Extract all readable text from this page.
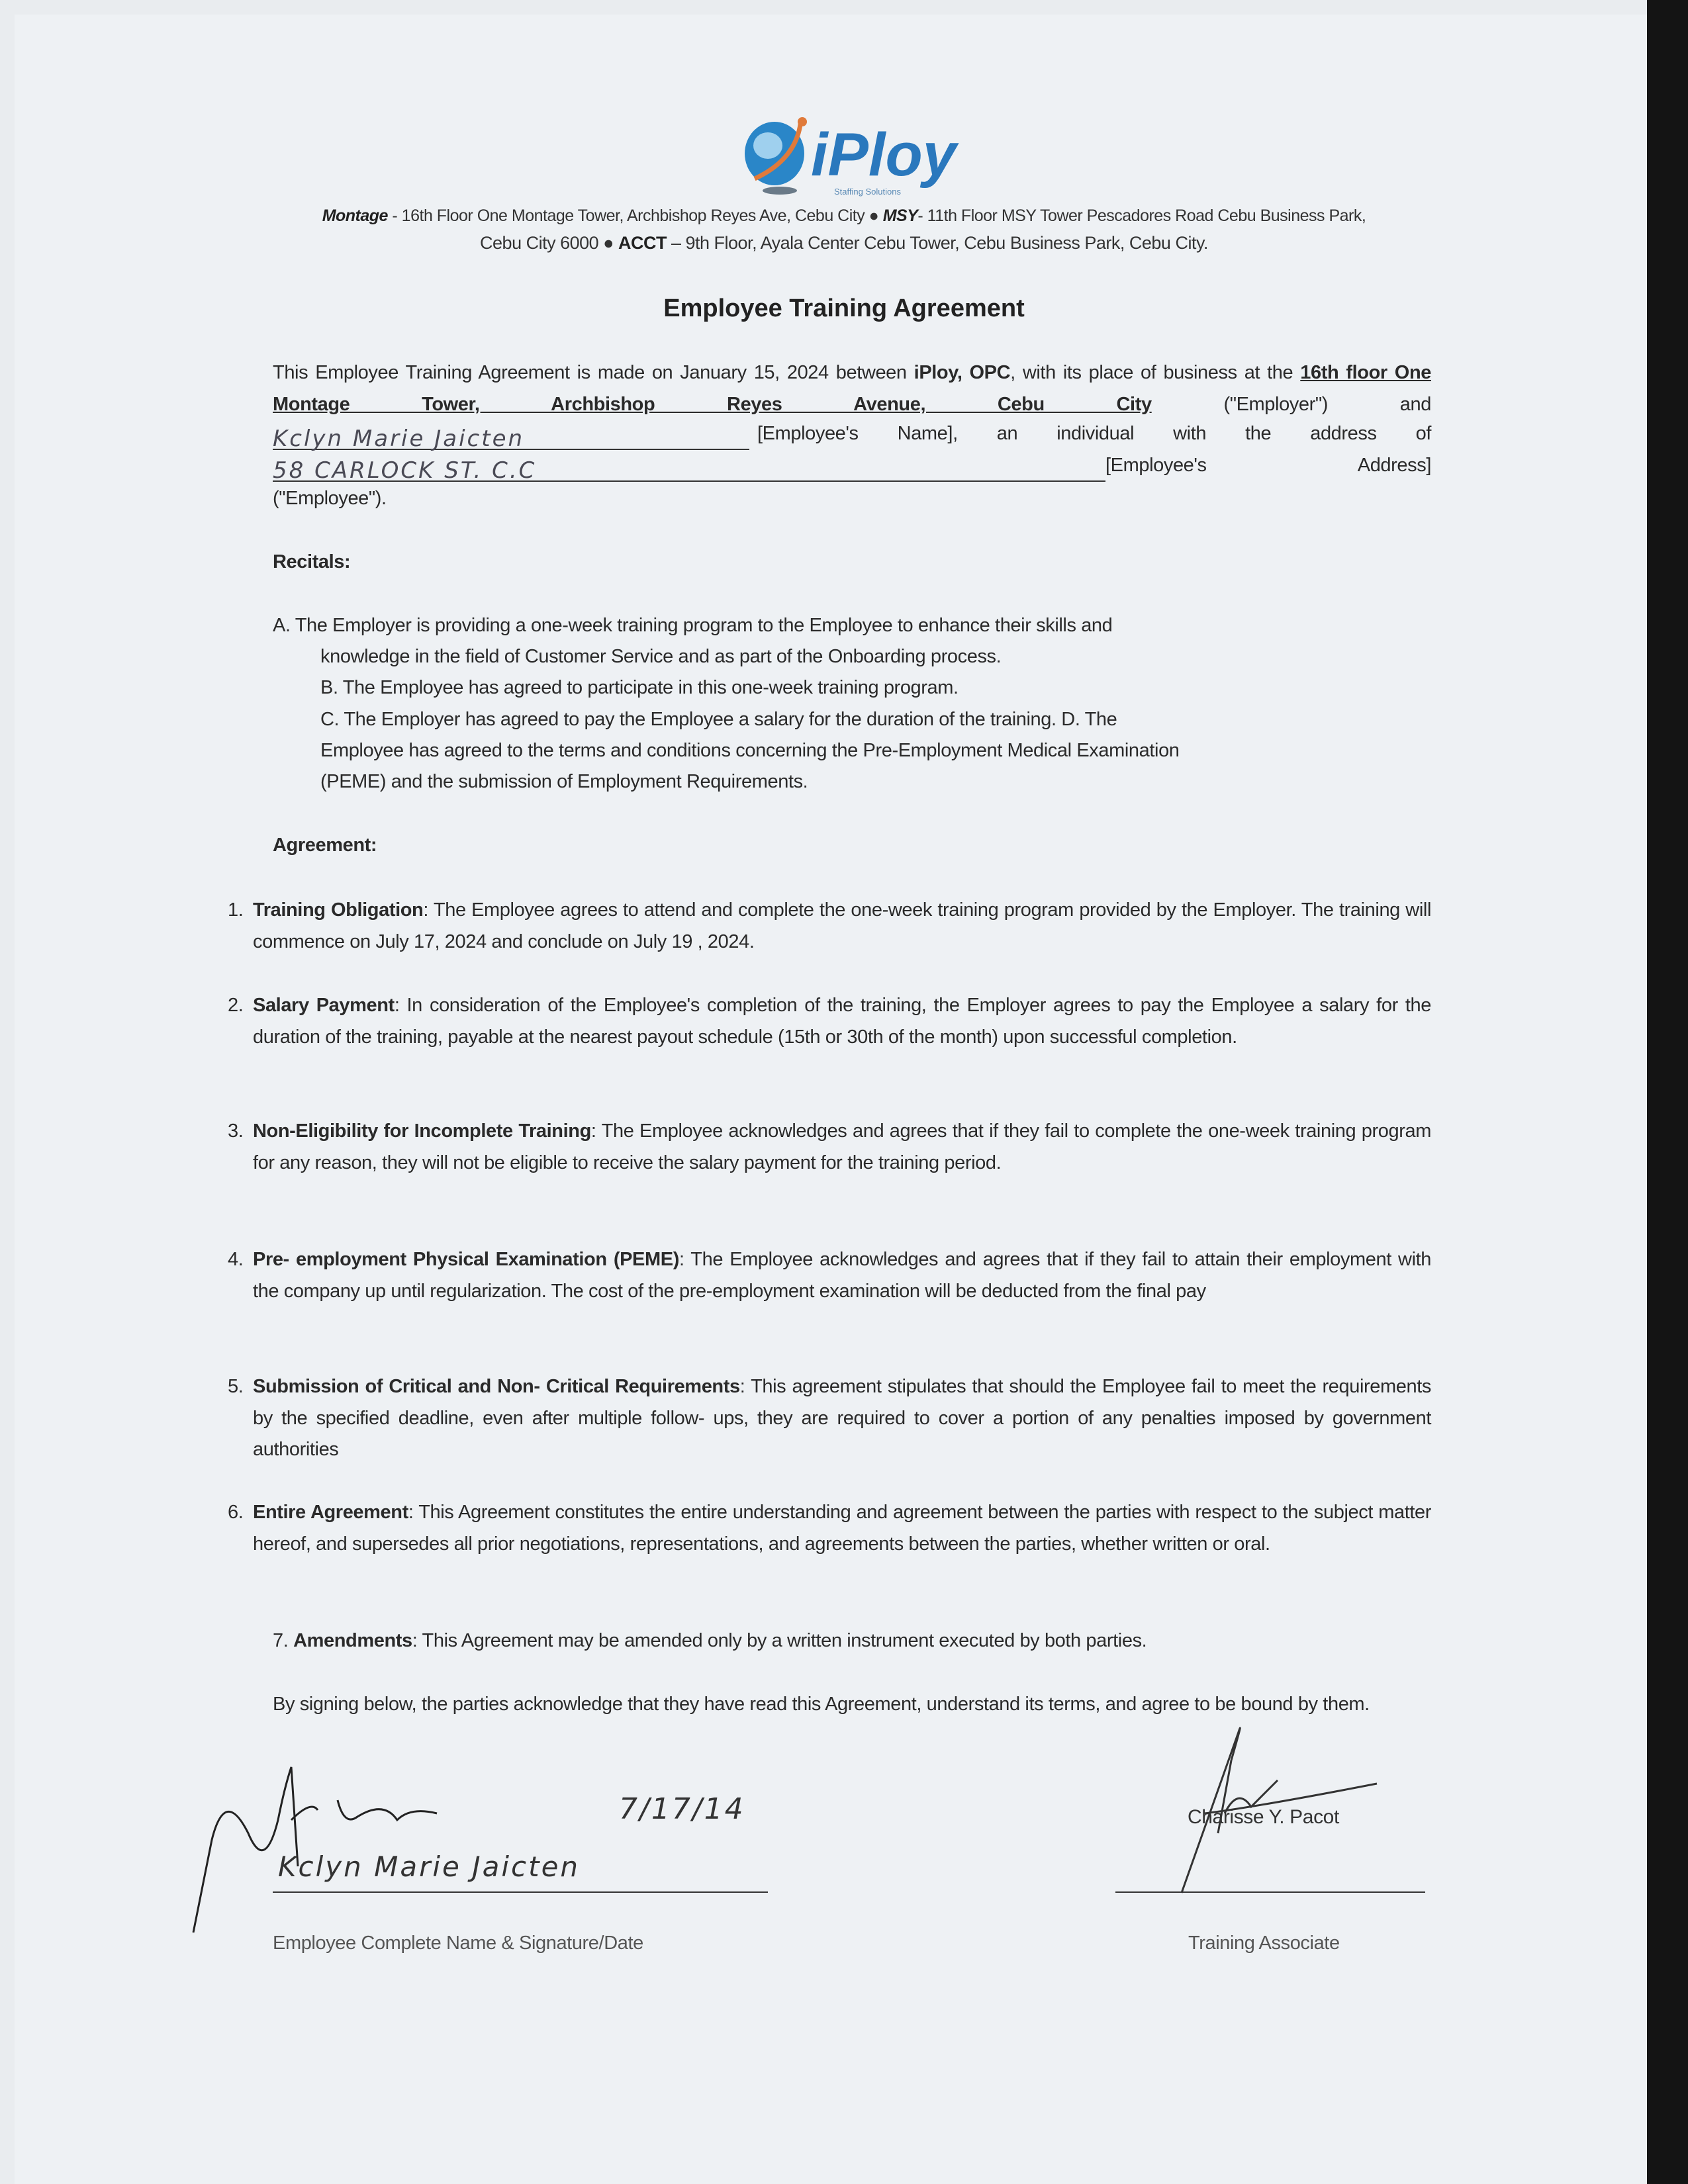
iPloy
Staffing Solutions
Montage - 16th Floor One Montage Tower, Archbishop Reyes Ave, Cebu City ● MSY- 11th Floor MSY Tower Pescadores Road Cebu Business Park,
Cebu City 6000 ● ACCT – 9th Floor, Ayala Center Cebu Tower, Cebu Business Park, Cebu City.
Employee Training Agreement
This Employee Training Agreement is made on January 15, 2024 between iPloy, OPC, with its place of business at the 16th floor One Montage Tower, Archbishop Reyes Avenue, Cebu City ("Employer") and
Kclyn Marie Jaicten	[Employee's Name], an individual with the address of
58 CARLOCK ST. C.C	[Employee's Address]
("Employee").
Recitals:
A. The Employer is providing a one-week training program to the Employee to enhance their skills and
knowledge in the field of Customer Service and as part of the Onboarding process.
B. The Employee has agreed to participate in this one-week training program.
C. The Employer has agreed to pay the Employee a salary for the duration of the training. D. The
Employee has agreed to the terms and conditions concerning the Pre-Employment Medical Examination
(PEME) and the submission of Employment Requirements.
Agreement:
1. Training Obligation: The Employee agrees to attend and complete the one-week training program provided by the Employer. The training will commence on July 17, 2024 and conclude on July 19 , 2024.
2. Salary Payment: In consideration of the Employee's completion of the training, the Employer agrees to pay the Employee a salary for the duration of the training, payable at the nearest payout schedule (15th or 30th of the month) upon successful completion.
3. Non-Eligibility for Incomplete Training: The Employee acknowledges and agrees that if they fail to complete the one-week training program for any reason, they will not be eligible to receive the salary payment for the training period.
4. Pre- employment Physical Examination (PEME): The Employee acknowledges and agrees that if they fail to attain their employment with the company up until regularization. The cost of the pre-employment examination will be deducted from the final pay
5. Submission of Critical and Non- Critical Requirements: This agreement stipulates that should the Employee fail to meet the requirements by the specified deadline, even after multiple follow- ups, they are required to cover a portion of any penalties imposed by government authorities
6. Entire Agreement: This Agreement constitutes the entire understanding and agreement between the parties with respect to the subject matter hereof, and supersedes all prior negotiations, representations, and agreements between the parties, whether written or oral.
7. Amendments: This Agreement may be amended only by a written instrument executed by both parties.
By signing below, the parties acknowledge that they have read this Agreement, understand its terms, and agree to be bound by them.
7/17/14
Kclyn Marie Jaicten
Employee Complete Name & Signature/Date
Charisse Y. Pacot
Training Associate
